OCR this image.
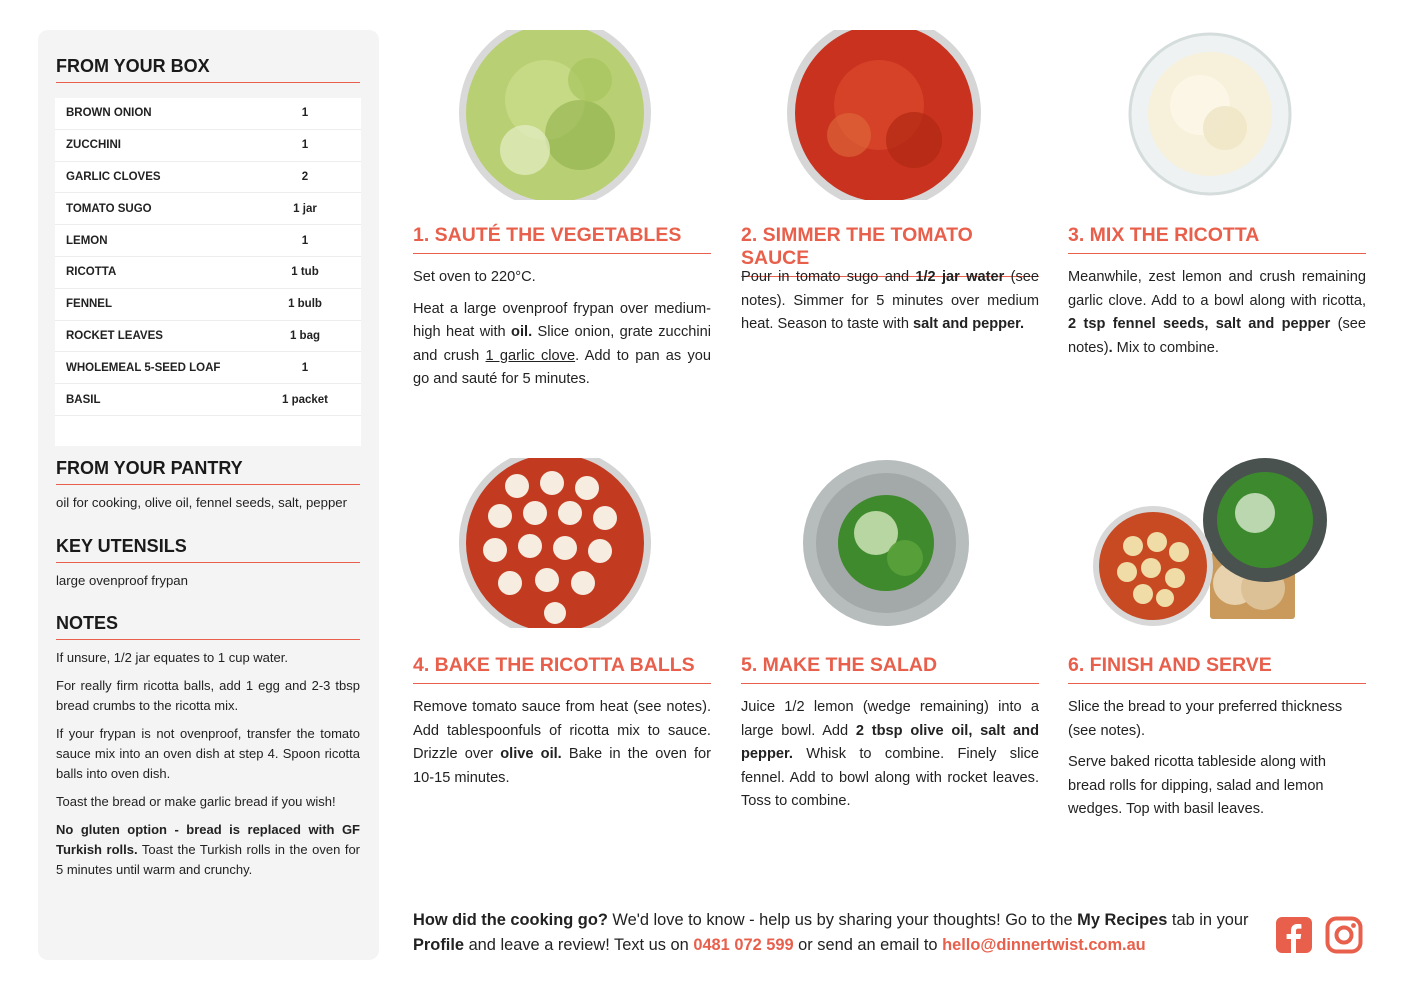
FROM YOUR BOX
BROWN ONION	1
ZUCCHINI	1
GARLIC CLOVES	2
TOMATO SUGO	1 jar
LEMON	1
RICOTTA	1 tub
FENNEL	1 bulb
ROCKET LEAVES	1 bag
WHOLEMEAL 5-SEED LOAF	1
BASIL	1 packet
FROM YOUR PANTRY
oil for cooking, olive oil, fennel seeds, salt, pepper
KEY UTENSILS
large ovenproof frypan
NOTES

If unsure, 1/2 jar equates to 1 cup water.

For really firm ricotta balls, add 1 egg and 2-3 tbsp bread crumbs to the ricotta mix.

If your frypan is not ovenproof, transfer the tomato sauce mix into an oven dish at step 4. Spoon ricotta balls into oven dish.

Toast the bread or make garlic bread if you wish!

No gluten option - bread is replaced with GF Turkish rolls. Toast the Turkish rolls in the oven for 5 minutes until warm and crunchy.

1. SAUTÉ THE VEGETABLES

Set oven to 220°C.

Heat a large ovenproof frypan over medium-high heat with oil. Slice onion, grate zucchini and crush 1 garlic clove. Add to pan as you go and sauté for 5 minutes.

2. SIMMER THE TOMATO SAUCE

Pour in tomato sugo and 1/2 jar water (see notes). Simmer for 5 minutes over medium heat. Season to taste with salt and pepper.

3. MIX THE RICOTTA

Meanwhile, zest lemon and crush remaining garlic clove. Add to a bowl along with ricotta, 2 tsp fennel seeds, salt and pepper (see notes). Mix to combine.

4. BAKE THE RICOTTA BALLS

Remove tomato sauce from heat (see notes). Add tablespoonfuls of ricotta mix to sauce. Drizzle over olive oil. Bake in the oven for 10-15 minutes.

5. MAKE THE SALAD

Juice 1/2 lemon (wedge remaining) into a large bowl. Add 2 tbsp olive oil, salt and pepper. Whisk to combine. Finely slice fennel. Add to bowl along with rocket leaves. Toss to combine.

6. FINISH AND SERVE

Slice the bread to your preferred thickness (see notes).

Serve baked ricotta tableside along with bread rolls for dipping, salad and lemon wedges. Top with basil leaves.

How did the cooking go? We'd love to know - help us by sharing your thoughts! Go to the My Recipes tab in your Profile and leave a review! Text us on 0481 072 599 or send an email to hello@dinnertwist.com.au
